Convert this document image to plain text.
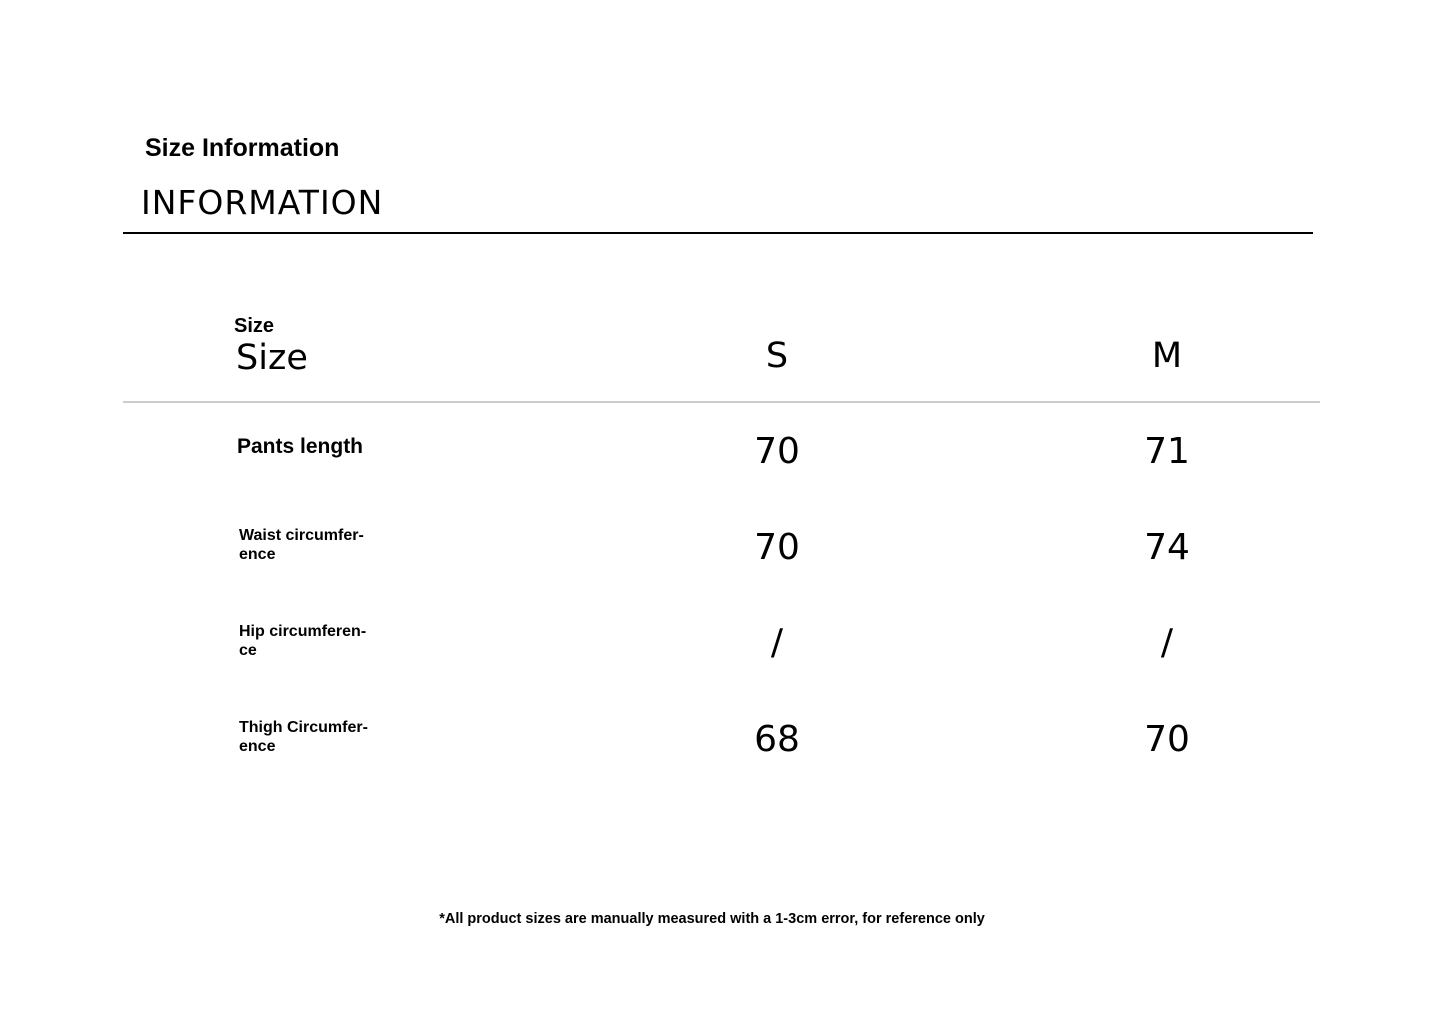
Size Information
INFORMATION
Size
Size	S	M
Pants length	70	71
Waist circumfer-
ence	70	74
Hip circumferen-
ce	/	/
Thigh Circumfer-
ence	68	70
*All product sizes are manually measured with a 1-3cm error, for reference only
